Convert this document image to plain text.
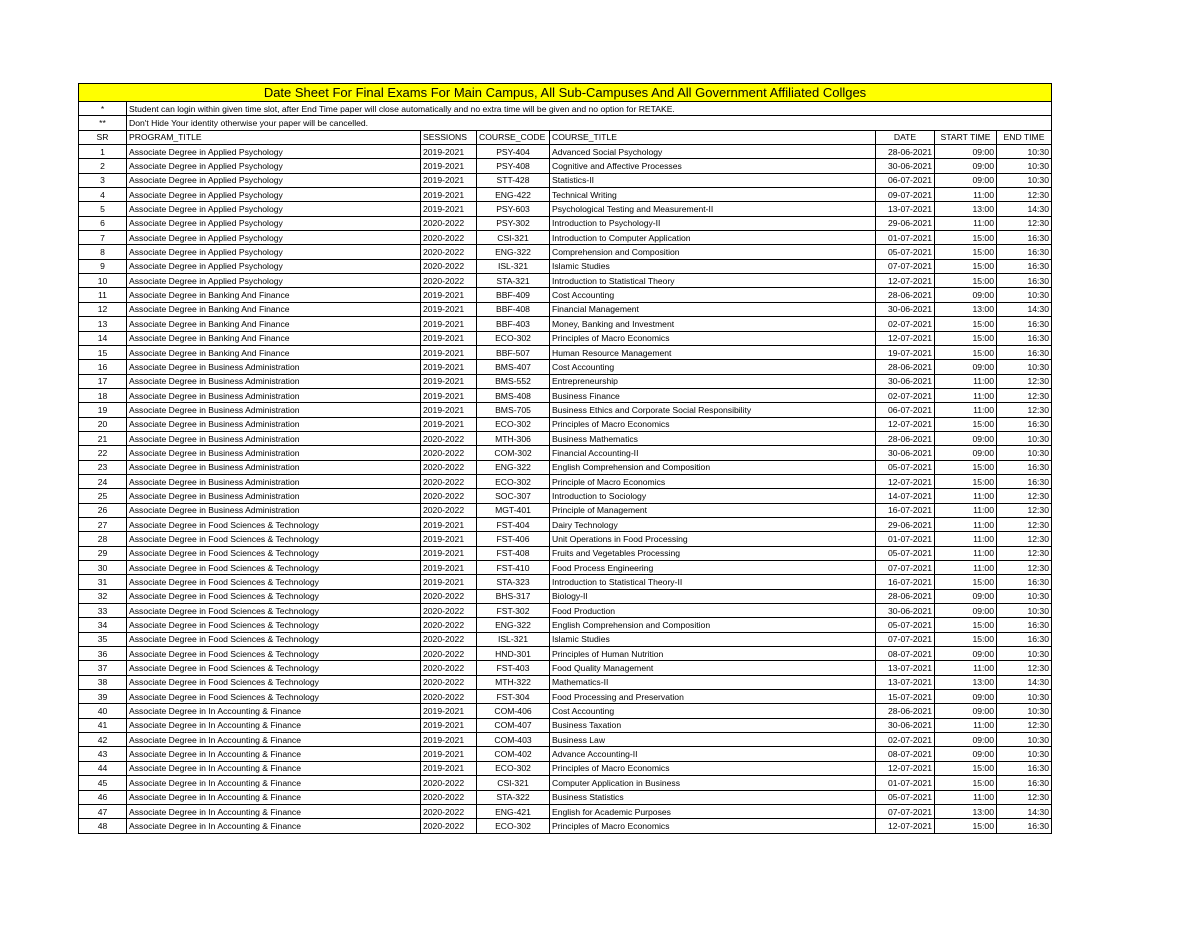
Date Sheet For Final Exams For Main Campus, All Sub-Campuses And All Government Affiliated Collges							
*	Student can login within given time slot, after End Time paper will close automatically and no extra time will be given and no option for RETAKE.						
**	Don't Hide Your identity otherwise your paper will be cancelled.						
SR	PROGRAM_TITLE	SESSIONS	COURSE_CODE	COURSE_TITLE	DATE	START TIME	END TIME
1	Associate Degree in Applied Psychology	2019-2021	PSY-404	Advanced Social Psychology	28-06-2021	09:00	10:30
2	Associate Degree in Applied Psychology	2019-2021	PSY-408	Cognitive and Affective Processes	30-06-2021	09:00	10:30
3	Associate Degree in Applied Psychology	2019-2021	STT-428	Statistics-II	06-07-2021	09:00	10:30
4	Associate Degree in Applied Psychology	2019-2021	ENG-422	Technical Writing	09-07-2021	11:00	12:30
5	Associate Degree in Applied Psychology	2019-2021	PSY-603	Psychological Testing and Measurement-II	13-07-2021	13:00	14:30
6	Associate Degree in Applied Psychology	2020-2022	PSY-302	Introduction to Psychology-II	29-06-2021	11:00	12:30
7	Associate Degree in Applied Psychology	2020-2022	CSI-321	Introduction to Computer Application	01-07-2021	15:00	16:30
8	Associate Degree in Applied Psychology	2020-2022	ENG-322	Comprehension and Composition	05-07-2021	15:00	16:30
9	Associate Degree in Applied Psychology	2020-2022	ISL-321	Islamic Studies	07-07-2021	15:00	16:30
10	Associate Degree in Applied Psychology	2020-2022	STA-321	Introduction to Statistical Theory	12-07-2021	15:00	16:30
11	Associate Degree in Banking And Finance	2019-2021	BBF-409	Cost Accounting	28-06-2021	09:00	10:30
12	Associate Degree in Banking And Finance	2019-2021	BBF-408	Financial Management	30-06-2021	13:00	14:30
13	Associate Degree in Banking And Finance	2019-2021	BBF-403	Money, Banking and Investment	02-07-2021	15:00	16:30
14	Associate Degree in Banking And Finance	2019-2021	ECO-302	Principles of Macro Economics	12-07-2021	15:00	16:30
15	Associate Degree in Banking And Finance	2019-2021	BBF-507	Human Resource Management	19-07-2021	15:00	16:30
16	Associate Degree in Business Administration	2019-2021	BMS-407	Cost Accounting	28-06-2021	09:00	10:30
17	Associate Degree in Business Administration	2019-2021	BMS-552	Entrepreneurship	30-06-2021	11:00	12:30
18	Associate Degree in Business Administration	2019-2021	BMS-408	Business Finance	02-07-2021	11:00	12:30
19	Associate Degree in Business Administration	2019-2021	BMS-705	Business Ethics and Corporate Social Responsibility	06-07-2021	11:00	12:30
20	Associate Degree in Business Administration	2019-2021	ECO-302	Principles of Macro Economics	12-07-2021	15:00	16:30
21	Associate Degree in Business Administration	2020-2022	MTH-306	Business Mathematics	28-06-2021	09:00	10:30
22	Associate Degree in Business Administration	2020-2022	COM-302	Financial Accounting-II	30-06-2021	09:00	10:30
23	Associate Degree in Business Administration	2020-2022	ENG-322	English Comprehension and Composition	05-07-2021	15:00	16:30
24	Associate Degree in Business Administration	2020-2022	ECO-302	Principle of Macro Economics	12-07-2021	15:00	16:30
25	Associate Degree in Business Administration	2020-2022	SOC-307	Introduction to Sociology	14-07-2021	11:00	12:30
26	Associate Degree in Business Administration	2020-2022	MGT-401	Principle of Management	16-07-2021	11:00	12:30
27	Associate Degree in Food Sciences & Technology	2019-2021	FST-404	Dairy Technology	29-06-2021	11:00	12:30
28	Associate Degree in Food Sciences & Technology	2019-2021	FST-406	Unit Operations in Food Processing	01-07-2021	11:00	12:30
29	Associate Degree in Food Sciences & Technology	2019-2021	FST-408	Fruits and Vegetables Processing	05-07-2021	11:00	12:30
30	Associate Degree in Food Sciences & Technology	2019-2021	FST-410	Food Process Engineering	07-07-2021	11:00	12:30
31	Associate Degree in Food Sciences & Technology	2019-2021	STA-323	Introduction to Statistical Theory-II	16-07-2021	15:00	16:30
32	Associate Degree in Food Sciences & Technology	2020-2022	BHS-317	Biology-II	28-06-2021	09:00	10:30
33	Associate Degree in Food Sciences & Technology	2020-2022	FST-302	Food Production	30-06-2021	09:00	10:30
34	Associate Degree in Food Sciences & Technology	2020-2022	ENG-322	English Comprehension and Composition	05-07-2021	15:00	16:30
35	Associate Degree in Food Sciences & Technology	2020-2022	ISL-321	Islamic Studies	07-07-2021	15:00	16:30
36	Associate Degree in Food Sciences & Technology	2020-2022	HND-301	Principles of Human Nutrition	08-07-2021	09:00	10:30
37	Associate Degree in Food Sciences & Technology	2020-2022	FST-403	Food Quality Management	13-07-2021	11:00	12:30
38	Associate Degree in Food Sciences & Technology	2020-2022	MTH-322	Mathematics-II	13-07-2021	13:00	14:30
39	Associate Degree in Food Sciences & Technology	2020-2022	FST-304	Food Processing and Preservation	15-07-2021	09:00	10:30
40	Associate Degree in In Accounting & Finance	2019-2021	COM-406	Cost Accounting	28-06-2021	09:00	10:30
41	Associate Degree in In Accounting & Finance	2019-2021	COM-407	Business Taxation	30-06-2021	11:00	12:30
42	Associate Degree in In Accounting & Finance	2019-2021	COM-403	Business Law	02-07-2021	09:00	10:30
43	Associate Degree in In Accounting & Finance	2019-2021	COM-402	Advance Accounting-II	08-07-2021	09:00	10:30
44	Associate Degree in In Accounting & Finance	2019-2021	ECO-302	Principles of Macro Economics	12-07-2021	15:00	16:30
45	Associate Degree in In Accounting & Finance	2020-2022	CSI-321	Computer Application in Business	01-07-2021	15:00	16:30
46	Associate Degree in In Accounting & Finance	2020-2022	STA-322	Business Statistics	05-07-2021	11:00	12:30
47	Associate Degree in In Accounting & Finance	2020-2022	ENG-421	English for Academic Purposes	07-07-2021	13:00	14:30
48	Associate Degree in In Accounting & Finance	2020-2022	ECO-302	Principles of Macro Economics	12-07-2021	15:00	16:30
